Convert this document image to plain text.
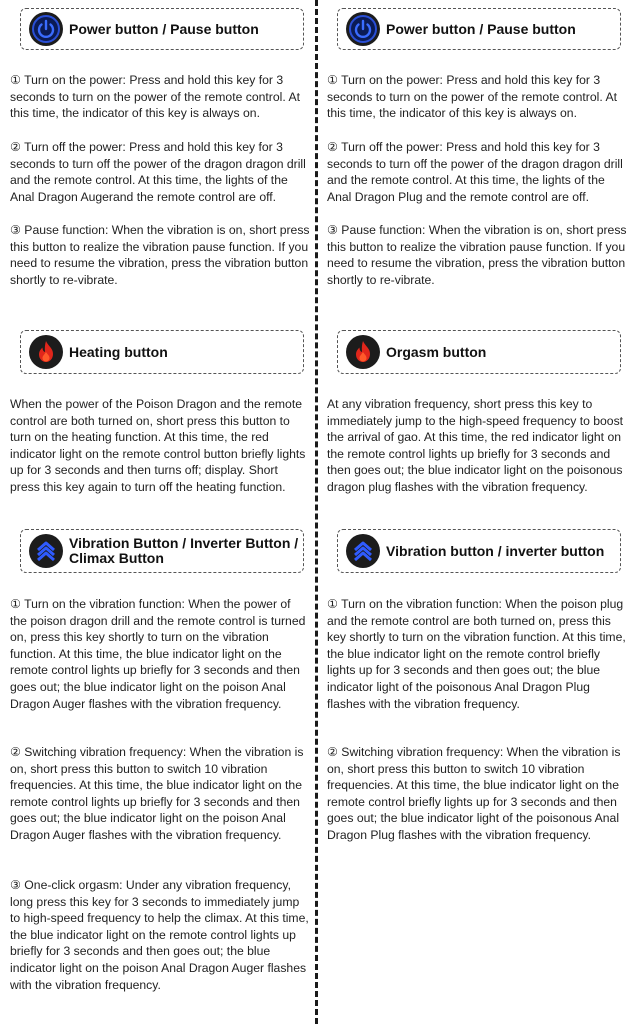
Power button / Pause button

① Turn on the power: Press and hold this key for 3 seconds to turn on the power of the remote control. At this time, the indicator of this key is always on.

② Turn off the power: Press and hold this key for 3 seconds to turn off the power of the dragon dragon drill and the remote control. At this time, the lights of the Anal Dragon Augerand the remote control are off.

③ Pause function: When the vibration is on, short press this button to realize the vibration pause function. If you need to resume the vibration, press the vibration button shortly to re-vibrate.

Heating button

When the power of the Poison Dragon and the remote control are both turned on, short press this button to turn on the heating function. At this time, the red indicator light on the remote control button briefly lights up for 3 seconds and then turns off; display. Short press this key again to turn off the heating function.

Vibration Button / Inverter Button / Climax Button

① Turn on the vibration function: When the power of the poison dragon drill and the remote control is turned on, press this key shortly to turn on the vibration function. At this time, the blue indicator light on the remote control lights up briefly for 3 seconds and then goes out; the blue indicator light on the poison Anal Dragon Auger flashes with the vibration frequency.

② Switching vibration frequency: When the vibration is on, short press this button to switch 10 vibration frequencies. At this time, the blue indicator light on the remote control lights up briefly for 3 seconds and then goes out; the blue indicator light on the poison Anal Dragon Auger flashes with the vibration frequency.

③ One-click orgasm: Under any vibration frequency, long press this key for 3 seconds to immediately jump to high-speed frequency to help the climax. At this time, the blue indicator light on the remote control lights up briefly for 3 seconds and then goes out; the blue indicator light on the poison Anal Dragon Auger flashes with the vibration frequency.

Power button / Pause button

① Turn on the power: Press and hold this key for 3 seconds to turn on the power of the remote control. At this time, the indicator of this key is always on.

② Turn off the power: Press and hold this key for 3 seconds to turn off the power of the dragon dragon drill and the remote control. At this time, the lights of the Anal Dragon Plug and the remote control are off.

③ Pause function: When the vibration is on, short press this button to realize the vibration pause function. If you need to resume the vibration, press the vibration button shortly to re-vibrate.

Orgasm button

At any vibration frequency, short press this key to immediately jump to the high-speed frequency to boost the arrival of gao. At this time, the red indicator light on the remote control lights up briefly for 3 seconds and then goes out; the blue indicator light on the poisonous dragon plug flashes with the vibration frequency.

Vibration button / inverter button

① Turn on the vibration function: When the poison plug and the remote control are both turned on, press this key shortly to turn on the vibration function. At this time, the blue indicator light on the remote control briefly lights up for 3 seconds and then goes out; the blue indicator light of the poisonous Anal Dragon Plug flashes with the vibration frequency.

② Switching vibration frequency: When the vibration is on, short press this button to switch 10 vibration frequencies. At this time, the blue indicator light on the remote control briefly lights up for 3 seconds and then goes out; the blue indicator light of the poisonous Anal Dragon Plug flashes with the vibration frequency.
